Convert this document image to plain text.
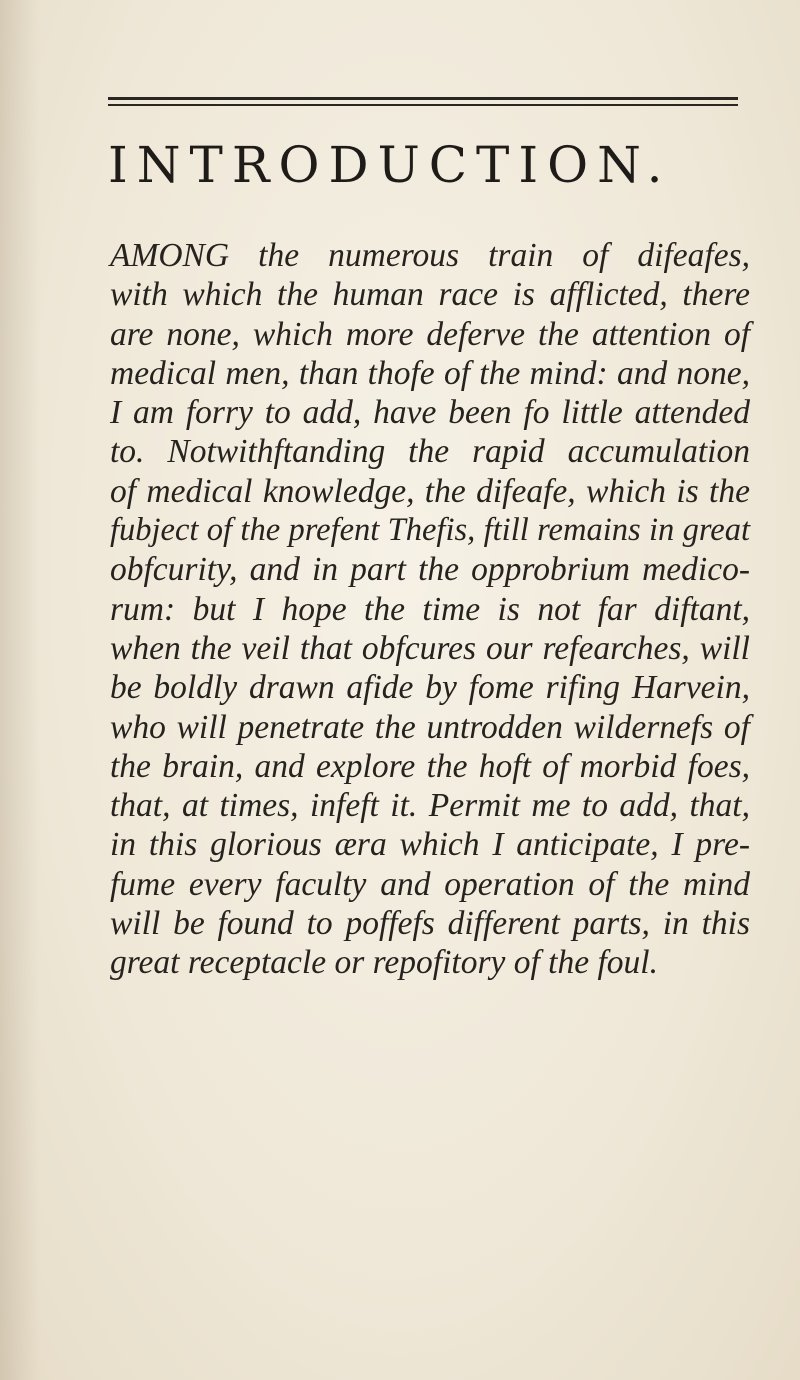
INTRODUCTION.
AMONG the numerous train of difeafes,
with which the human race is afflicted, there
are none, which more deferve the attention of
medical men, than thofe of the mind: and none,
I am forry to add, have been fo little attended
to. Notwithftanding the rapid accumulation
of medical knowledge, the difeafe, which is the
fubject of the prefent Thefis, ftill remains in great
obfcurity, and in part the opprobrium medico-
rum: but I hope the time is not far diftant,
when the veil that obfcures our refearches, will
be boldly drawn afide by fome rifing Harvein,
who will penetrate the untrodden wildernefs of
the brain, and explore the hoft of morbid foes,
that, at times, infeft it. Permit me to add, that,
in this glorious æra which I anticipate, I pre-
fume every faculty and operation of the mind
will be found to poffefs different parts, in this
great receptacle or repofitory of the foul.
